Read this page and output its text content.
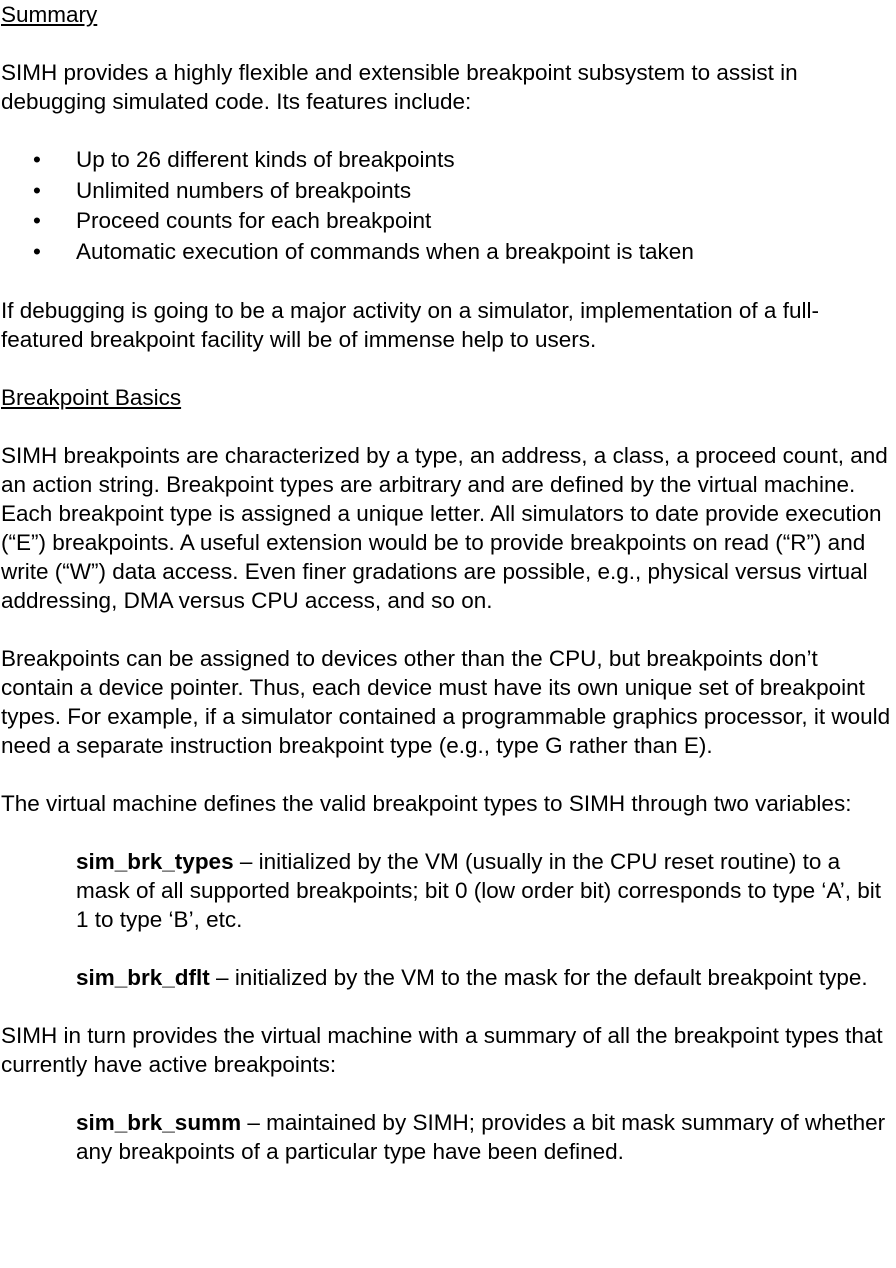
Summary

SIMH provides a highly flexible and extensible breakpoint subsystem to assist in debugging simulated code. Its features include:

• Up to 26 different kinds of breakpoints
• Unlimited numbers of breakpoints
• Proceed counts for each breakpoint
• Automatic execution of commands when a breakpoint is taken

If debugging is going to be a major activity on a simulator, implementation of a full-featured breakpoint facility will be of immense help to users.

Breakpoint Basics

SIMH breakpoints are characterized by a type, an address, a class, a proceed count, and an action string. Breakpoint types are arbitrary and are defined by the virtual machine. Each breakpoint type is assigned a unique letter. All simulators to date provide execution (“E”) breakpoints. A useful extension would be to provide breakpoints on read (“R”) and write (“W”) data access. Even finer gradations are possible, e.g., physical versus virtual addressing, DMA versus CPU access, and so on.

Breakpoints can be assigned to devices other than the CPU, but breakpoints don’t contain a device pointer. Thus, each device must have its own unique set of breakpoint types. For example, if a simulator contained a programmable graphics processor, it would need a separate instruction breakpoint type (e.g., type G rather than E).

The virtual machine defines the valid breakpoint types to SIMH through two variables:

sim_brk_types – initialized by the VM (usually in the CPU reset routine) to a mask of all supported breakpoints; bit 0 (low order bit) corresponds to type ‘A’, bit 1 to type ‘B’, etc.

sim_brk_dflt – initialized by the VM to the mask for the default breakpoint type.

SIMH in turn provides the virtual machine with a summary of all the breakpoint types that currently have active breakpoints:

sim_brk_summ – maintained by SIMH; provides a bit mask summary of whether any breakpoints of a particular type have been defined.
